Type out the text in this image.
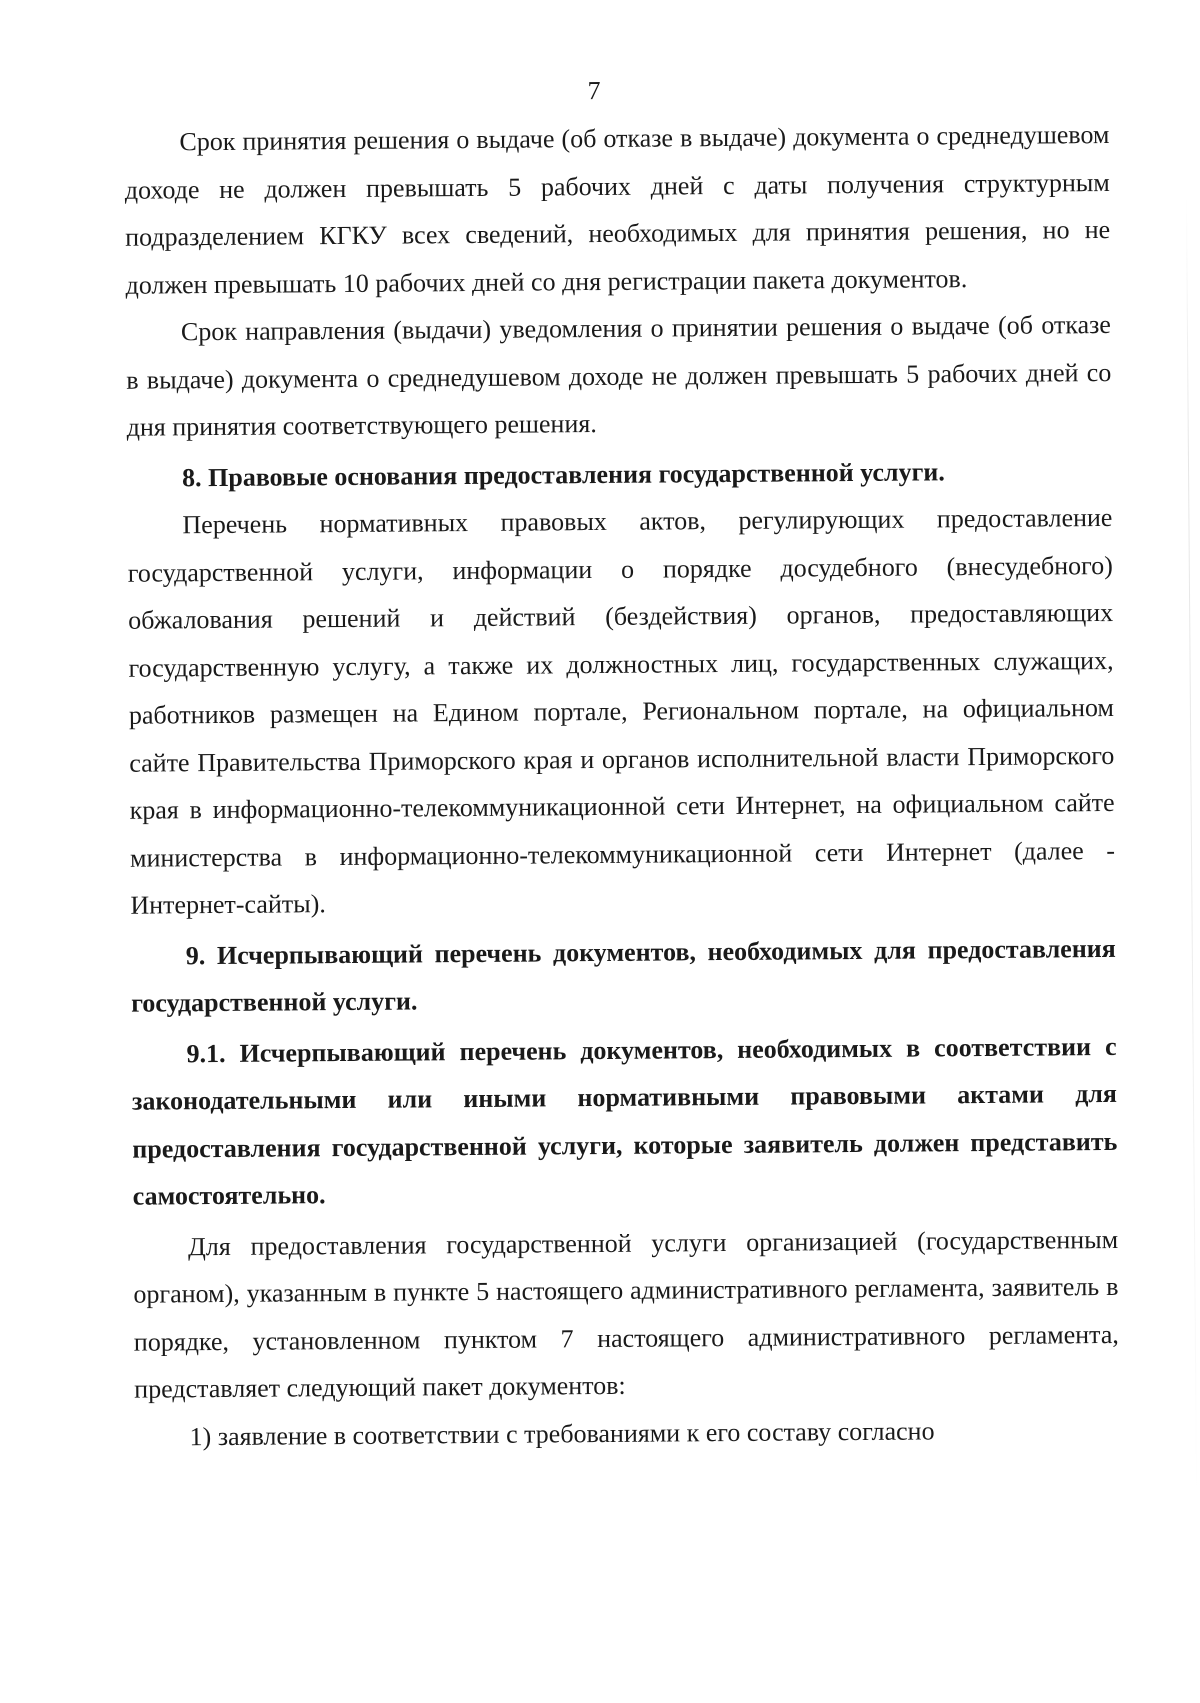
7

Срок принятия решения о выдаче (об отказе в выдаче) документа о среднедушевом доходе не должен превышать 5 рабочих дней с даты получения структурным подразделением КГКУ всех сведений, необходимых для принятия решения, но не должен превышать 10 рабочих дней со дня регистрации пакета документов.

Срок направления (выдачи) уведомления о принятии решения о выдаче (об отказе в выдаче) документа о среднедушевом доходе не должен превышать 5 рабочих дней со дня принятия соответствующего решения.

8. Правовые основания предоставления государственной услуги.

Перечень нормативных правовых актов, регулирующих предоставление государственной услуги, информации о порядке досудебного (внесудебного) обжалования решений и действий (бездействия) органов, предоставляющих государственную услугу, а также их должностных лиц, государственных служащих, работников размещен на Едином портале, Региональном портале, на официальном сайте Правительства Приморского края и органов исполнительной власти Приморского края в информационно-телекоммуникационной сети Интернет, на официальном сайте министерства в информационно-телекоммуникационной сети Интернет (далее - Интернет-сайты).

9. Исчерпывающий перечень документов, необходимых для предоставления государственной услуги.

9.1. Исчерпывающий перечень документов, необходимых в соответствии с законодательными или иными нормативными правовыми актами для предоставления государственной услуги, которые заявитель должен представить самостоятельно.

Для предоставления государственной услуги организацией (государственным органом), указанным в пункте 5 настоящего административного регламента, заявитель в порядке, установленном пунктом 7 настоящего административного регламента, представляет следующий пакет документов:

1) заявление в соответствии с требованиями к его составу согласно
